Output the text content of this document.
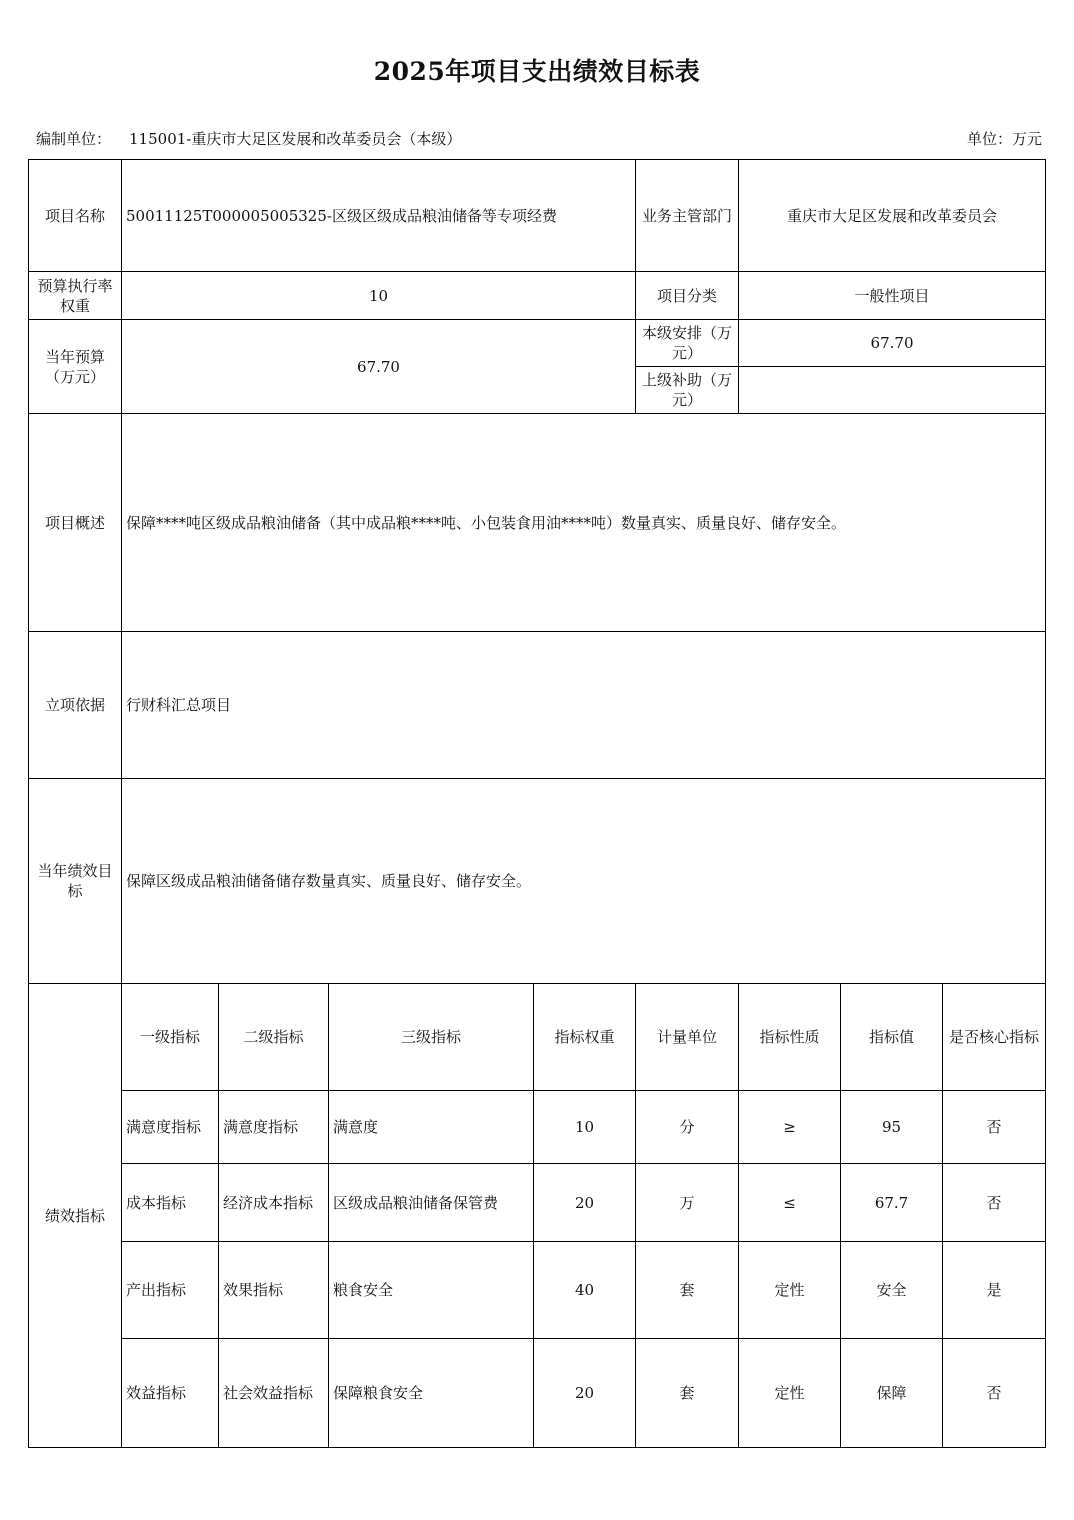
2025年项目支出绩效目标表
编制单位： 115001-重庆市大足区发展和改革委员会（本级）	单位：万元
项目名称	50011125T000005005325-区级区级成品粮油储备等专项经费				业务主管部门	重庆市大足区发展和改革委员会		
预算执行率权重	10				项目分类	一般性项目		
当年预算（万元）	67.70				本级安排（万元）	67.70		
					上级补助（万元）			
项目概述	保障****吨区级成品粮油储备（其中成品粮****吨、小包装食用油****吨）数量真实、质量良好、储存安全。							
立项依据	行财科汇总项目							
当年绩效目标	保障区级成品粮油储备储存数量真实、质量良好、储存安全。							
绩效指标	一级指标	二级指标	三级指标	指标权重	计量单位	指标性质	指标值	是否核心指标
	满意度指标	满意度指标	满意度	10	分	≥	95	否
	成本指标	经济成本指标	区级成品粮油储备保管费	20	万	≤	67.7	否
	产出指标	效果指标	粮食安全	40	套	定性	安全	是
	效益指标	社会效益指标	保障粮食安全	20	套	定性	保障	否
